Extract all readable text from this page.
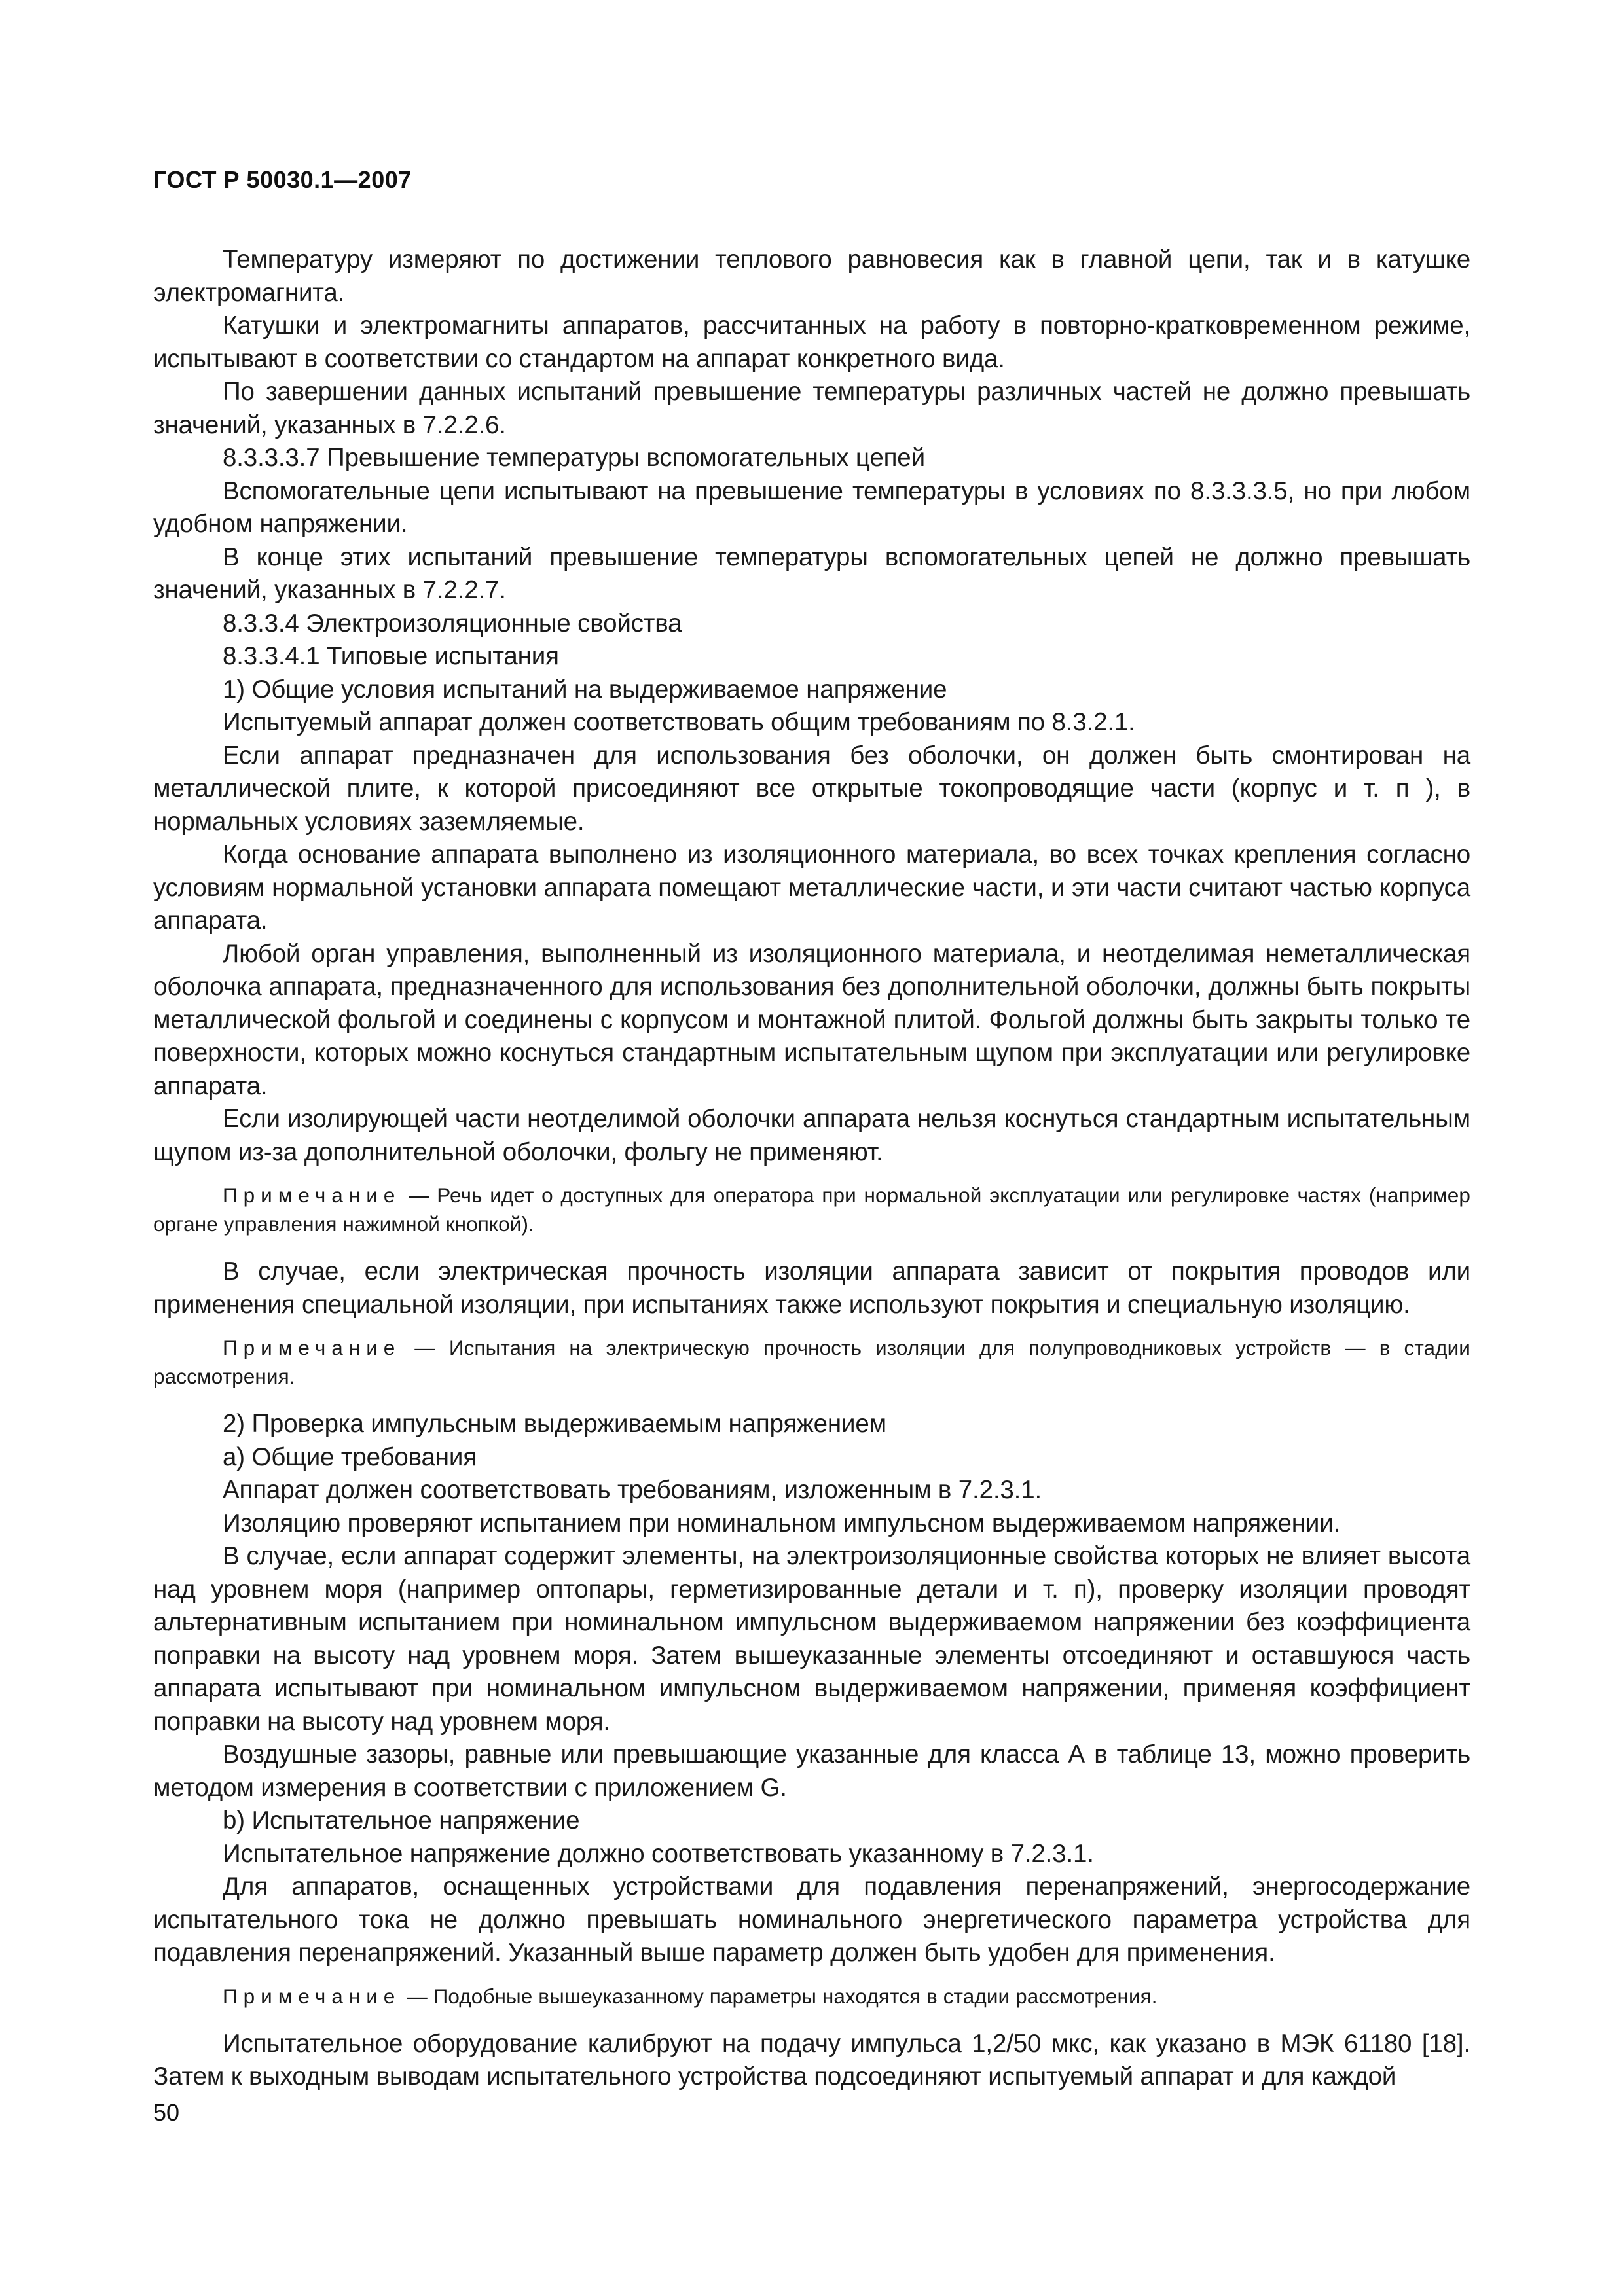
ГОСТ Р 50030.1—2007

Температуру измеряют по достижении теплового равновесия как в главной цепи, так и в катушке электромагнита.

Катушки и электромагниты аппаратов, рассчитанных на работу в повторно-кратковременном режиме, испытывают в соответствии со стандартом на аппарат конкретного вида.

По завершении данных испытаний превышение температуры различных частей не должно превышать значений, указанных в 7.2.2.6.

8.3.3.3.7 Превышение температуры вспомогательных цепей

Вспомогательные цепи испытывают на превышение температуры в условиях по 8.3.3.3.5, но при любом удобном напряжении.

В конце этих испытаний превышение температуры вспомогательных цепей не должно превышать значений, указанных в 7.2.2.7.

8.3.3.4 Электроизоляционные свойства

8.3.3.4.1 Типовые испытания

1) Общие условия испытаний на выдерживаемое напряжение

Испытуемый аппарат должен соответствовать общим требованиям по 8.3.2.1.

Если аппарат предназначен для использования без оболочки, он должен быть смонтирован на металлической плите, к которой присоединяют все открытые токопроводящие части (корпус и т. п ), в нормальных условиях заземляемые.

Когда основание аппарата выполнено из изоляционного материала, во всех точках крепления согласно условиям нормальной установки аппарата помещают металлические части, и эти части считают частью корпуса аппарата.

Любой орган управления, выполненный из изоляционного материала, и неотделимая неметаллическая оболочка аппарата, предназначенного для использования без дополнительной оболочки, должны быть покрыты металлической фольгой и соединены с корпусом и монтажной плитой. Фольгой должны быть закрыты только те поверхности, которых можно коснуться стандартным испытательным щупом при эксплуатации или регулировке аппарата.

Если изолирующей части неотделимой оболочки аппарата нельзя коснуться стандартным испытательным щупом из-за дополнительной оболочки, фольгу не применяют.

Примечание — Речь идет о доступных для оператора при нормальной эксплуатации или регулировке частях (например органе управления нажимной кнопкой).

В случае, если электрическая прочность изоляции аппарата зависит от покрытия проводов или применения специальной изоляции, при испытаниях также используют покрытия и специальную изоляцию.

Примечание — Испытания на электрическую прочность изоляции для полупроводниковых устройств — в стадии рассмотрения.

2) Проверка импульсным выдерживаемым напряжением

а) Общие требования

Аппарат должен соответствовать требованиям, изложенным в 7.2.3.1.

Изоляцию проверяют испытанием при номинальном импульсном выдерживаемом напряжении.

В случае, если аппарат содержит элементы, на электроизоляционные свойства которых не влияет высота над уровнем моря (например оптопары, герметизированные детали и т. п), проверку изоляции проводят альтернативным испытанием при номинальном импульсном выдерживаемом напряжении без коэффициента поправки на высоту над уровнем моря. Затем вышеуказанные элементы отсоединяют и оставшуюся часть аппарата испытывают при номинальном импульсном выдерживаемом напряжении, применяя коэффициент поправки на высоту над уровнем моря.

Воздушные зазоры, равные или превышающие указанные для класса А в таблице 13, можно проверить методом измерения в соответствии с приложением G.

b) Испытательное напряжение

Испытательное напряжение должно соответствовать указанному в 7.2.3.1.

Для аппаратов, оснащенных устройствами для подавления перенапряжений, энергосодержание испытательного тока не должно превышать номинального энергетического параметра устройства для подавления перенапряжений. Указанный выше параметр должен быть удобен для применения.

Примечание — Подобные вышеуказанному параметры находятся в стадии рассмотрения.

Испытательное оборудование калибруют на подачу импульса 1,2/50 мкс, как указано в МЭК 61180 [18]. Затем к выходным выводам испытательного устройства подсоединяют испытуемый аппарат и для каждой

50
